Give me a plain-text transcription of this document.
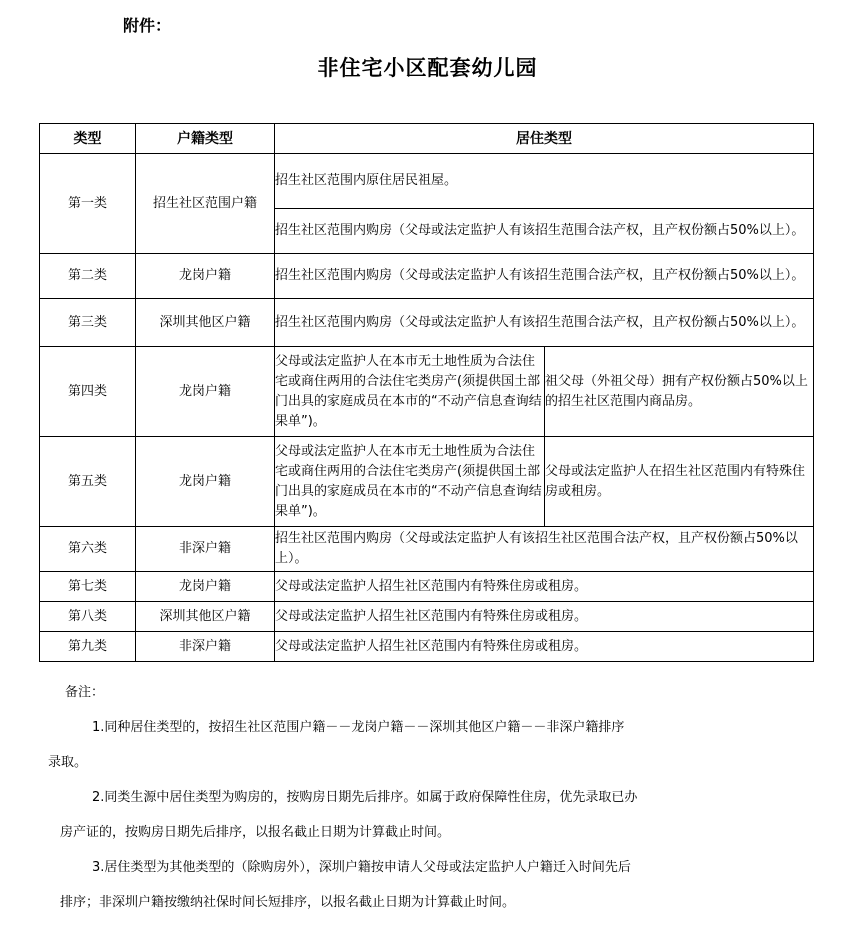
附件：
非住宅小区配套幼儿园
类型	户籍类型	居住类型	
第一类	招生社区范围户籍	招生社区范围内原住居民祖屋。	
		招生社区范围内购房（父母或法定监护人有该招生范围合法产权，且产权份额占50%以上）。	
第二类	龙岗户籍	招生社区范围内购房（父母或法定监护人有该招生范围合法产权，且产权份额占50%以上）。	
第三类	深圳其他区户籍	招生社区范围内购房（父母或法定监护人有该招生范围合法产权，且产权份额占50%以上）。	
第四类	龙岗户籍	父母或法定监护人在本市无土地性质为合法住宅或商住两用的合法住宅类房产(须提供国土部门出具的家庭成员在本市的“不动产信息查询结果单”)。	祖父母（外祖父母）拥有产权份额占50%以上的招生社区范围内商品房。
第五类	龙岗户籍	父母或法定监护人在本市无土地性质为合法住宅或商住两用的合法住宅类房产(须提供国土部门出具的家庭成员在本市的“不动产信息查询结果单”)。	父母或法定监护人在招生社区范围内有特殊住房或租房。
第六类	非深户籍	招生社区范围内购房（父母或法定监护人有该招生社区范围合法产权，且产权份额占50%以上）。	
第七类	龙岗户籍	父母或法定监护人招生社区范围内有特殊住房或租房。	
第八类	深圳其他区户籍	父母或法定监护人招生社区范围内有特殊住房或租房。	
第九类	非深户籍	父母或法定监护人招生社区范围内有特殊住房或租房。	
备注：
1.同种居住类型的，按招生社区范围户籍－－龙岗户籍－－深圳其他区户籍－－非深户籍排序
录取。
2.同类生源中居住类型为购房的，按购房日期先后排序。如属于政府保障性住房，优先录取已办
房产证的，按购房日期先后排序，以报名截止日期为计算截止时间。
3.居住类型为其他类型的（除购房外），深圳户籍按申请人父母或法定监护人户籍迁入时间先后
排序；非深圳户籍按缴纳社保时间长短排序，以报名截止日期为计算截止时间。
